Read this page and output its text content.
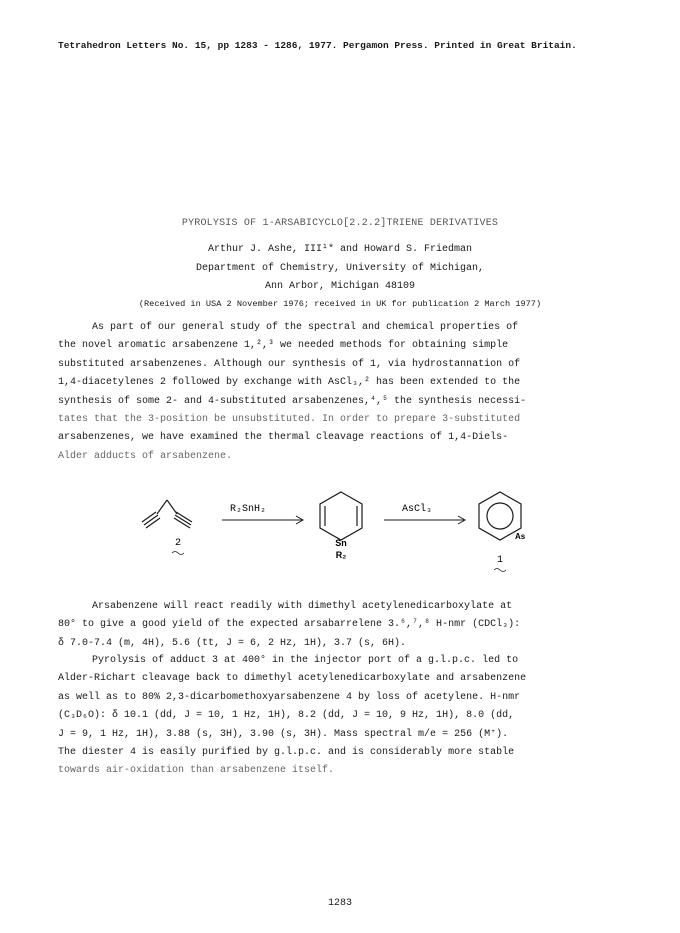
Tetrahedron Letters No. 15, pp 1283 - 1286, 1977. Pergamon Press. Printed in Great Britain.
PYROLYSIS OF 1-ARSABICYCLO[2.2.2]TRIENE DERIVATIVES
Arthur J. Ashe, III¹* and Howard S. Friedman
Department of Chemistry, University of Michigan,
Ann Arbor, Michigan 48109
(Received in USA 2 November 1976; received in UK for publication 2 March 1977)
As part of our general study of the spectral and chemical properties of
the novel aromatic arsabenzene 1,²,³ we needed methods for obtaining simple
substituted arsabenzenes. Although our synthesis of 1, via hydrostannation of
1,4-diacetylenes 2 followed by exchange with AsCl₃,² has been extended to the
synthesis of some 2- and 4-substituted arsabenzenes,⁴,⁵ the synthesis necessi-
tates that the 3-position be unsubstituted. In order to prepare 3-substituted
arsabenzenes, we have examined the thermal cleavage reactions of 1,4-Diels-
Alder adducts of arsabenzene.
2
R₂SnH₂
Sn
R₂
AsCl₃
As
1
Arsabenzene will react readily with dimethyl acetylenedicarboxylate at
80° to give a good yield of the expected arsabarrelene 3.⁶,⁷,⁸ H-nmr (CDCl₃):
δ 7.0-7.4 (m, 4H), 5.6 (tt, J = 6, 2 Hz, 1H), 3.7 (s, 6H).
Pyrolysis of adduct 3 at 400° in the injector port of a g.l.p.c. led to
Alder-Richart cleavage back to dimethyl acetylenedicarboxylate and arsabenzene
as well as to 80% 2,3-dicarbomethoxyarsabenzene 4 by loss of acetylene. H-nmr
(C₃D₆O): δ 10.1 (dd, J = 10, 1 Hz, 1H), 8.2 (dd, J = 10, 9 Hz, 1H), 8.0 (dd,
J = 9, 1 Hz, 1H), 3.88 (s, 3H), 3.90 (s, 3H). Mass spectral m/e = 256 (M⁺).
The diester 4 is easily purified by g.l.p.c. and is considerably more stable
towards air-oxidation than arsabenzene itself.
1283
